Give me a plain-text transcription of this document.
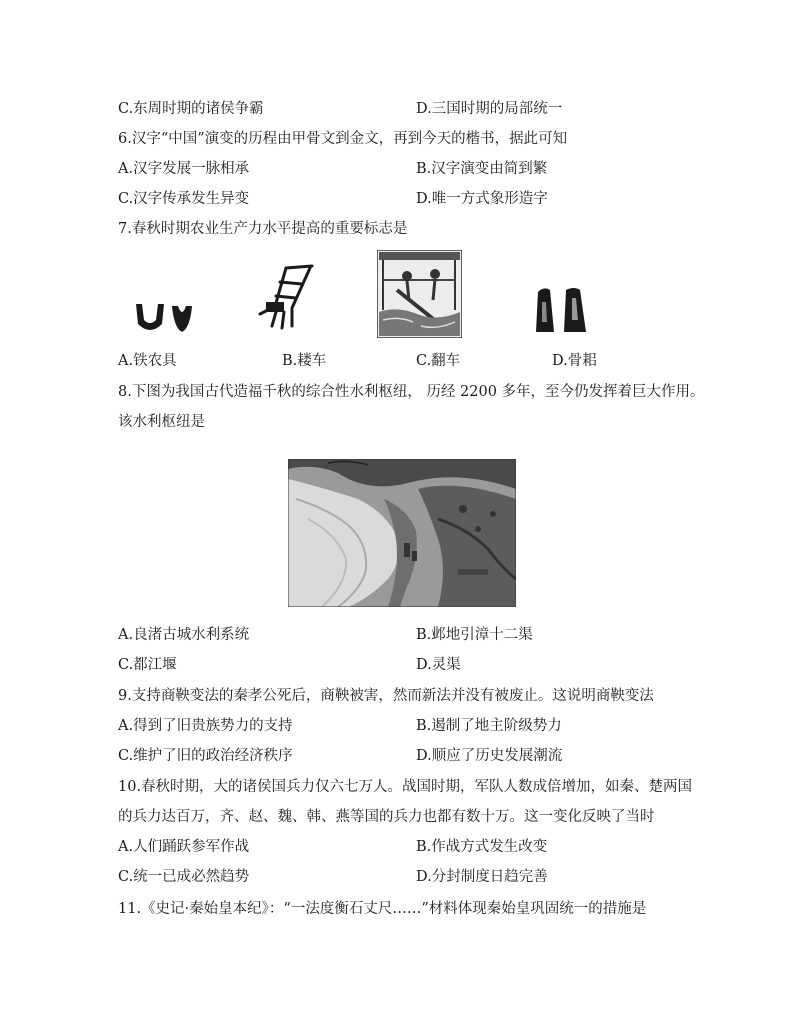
C.东周时期的诸侯争霸	D.三国时期的局部统一
6.汉字“中国”演变的历程由甲骨文到金文，再到今天的楷书，据此可知
A.汉字发展一脉相承	B.汉字演变由简到繁
C.汉字传承发生异变	D.唯一方式象形造字
7.春秋时期农业生产力水平提高的重要标志是
A.铁农具	B.耧车	C.翻车	D.骨耜
8.下图为我国古代造福千秋的综合性水利枢纽， 历经 2200 多年，至今仍发挥着巨大作用。
该水利枢纽是
A.良渚古城水利系统	B.邺地引漳十二渠
C.都江堰	D.灵渠
9.支持商鞅变法的秦孝公死后，商鞅被害，然而新法并没有被废止。这说明商鞅变法
A.得到了旧贵族势力的支持	B.遏制了地主阶级势力
C.维护了旧的政治经济秩序	D.顺应了历史发展潮流
10.春秋时期，大的诸侯国兵力仅六七万人。战国时期，军队人数成倍增加，如秦、楚两国
的兵力达百万，齐、赵、魏、韩、燕等国的兵力也都有数十万。这一变化反映了当时
A.人们踊跃参军作战	B.作战方式发生改变
C.统一已成必然趋势	D.分封制度日趋完善
11.《史记·秦始皇本纪》：“一法度衡石丈尺……”材料体现秦始皇巩固统一的措施是
